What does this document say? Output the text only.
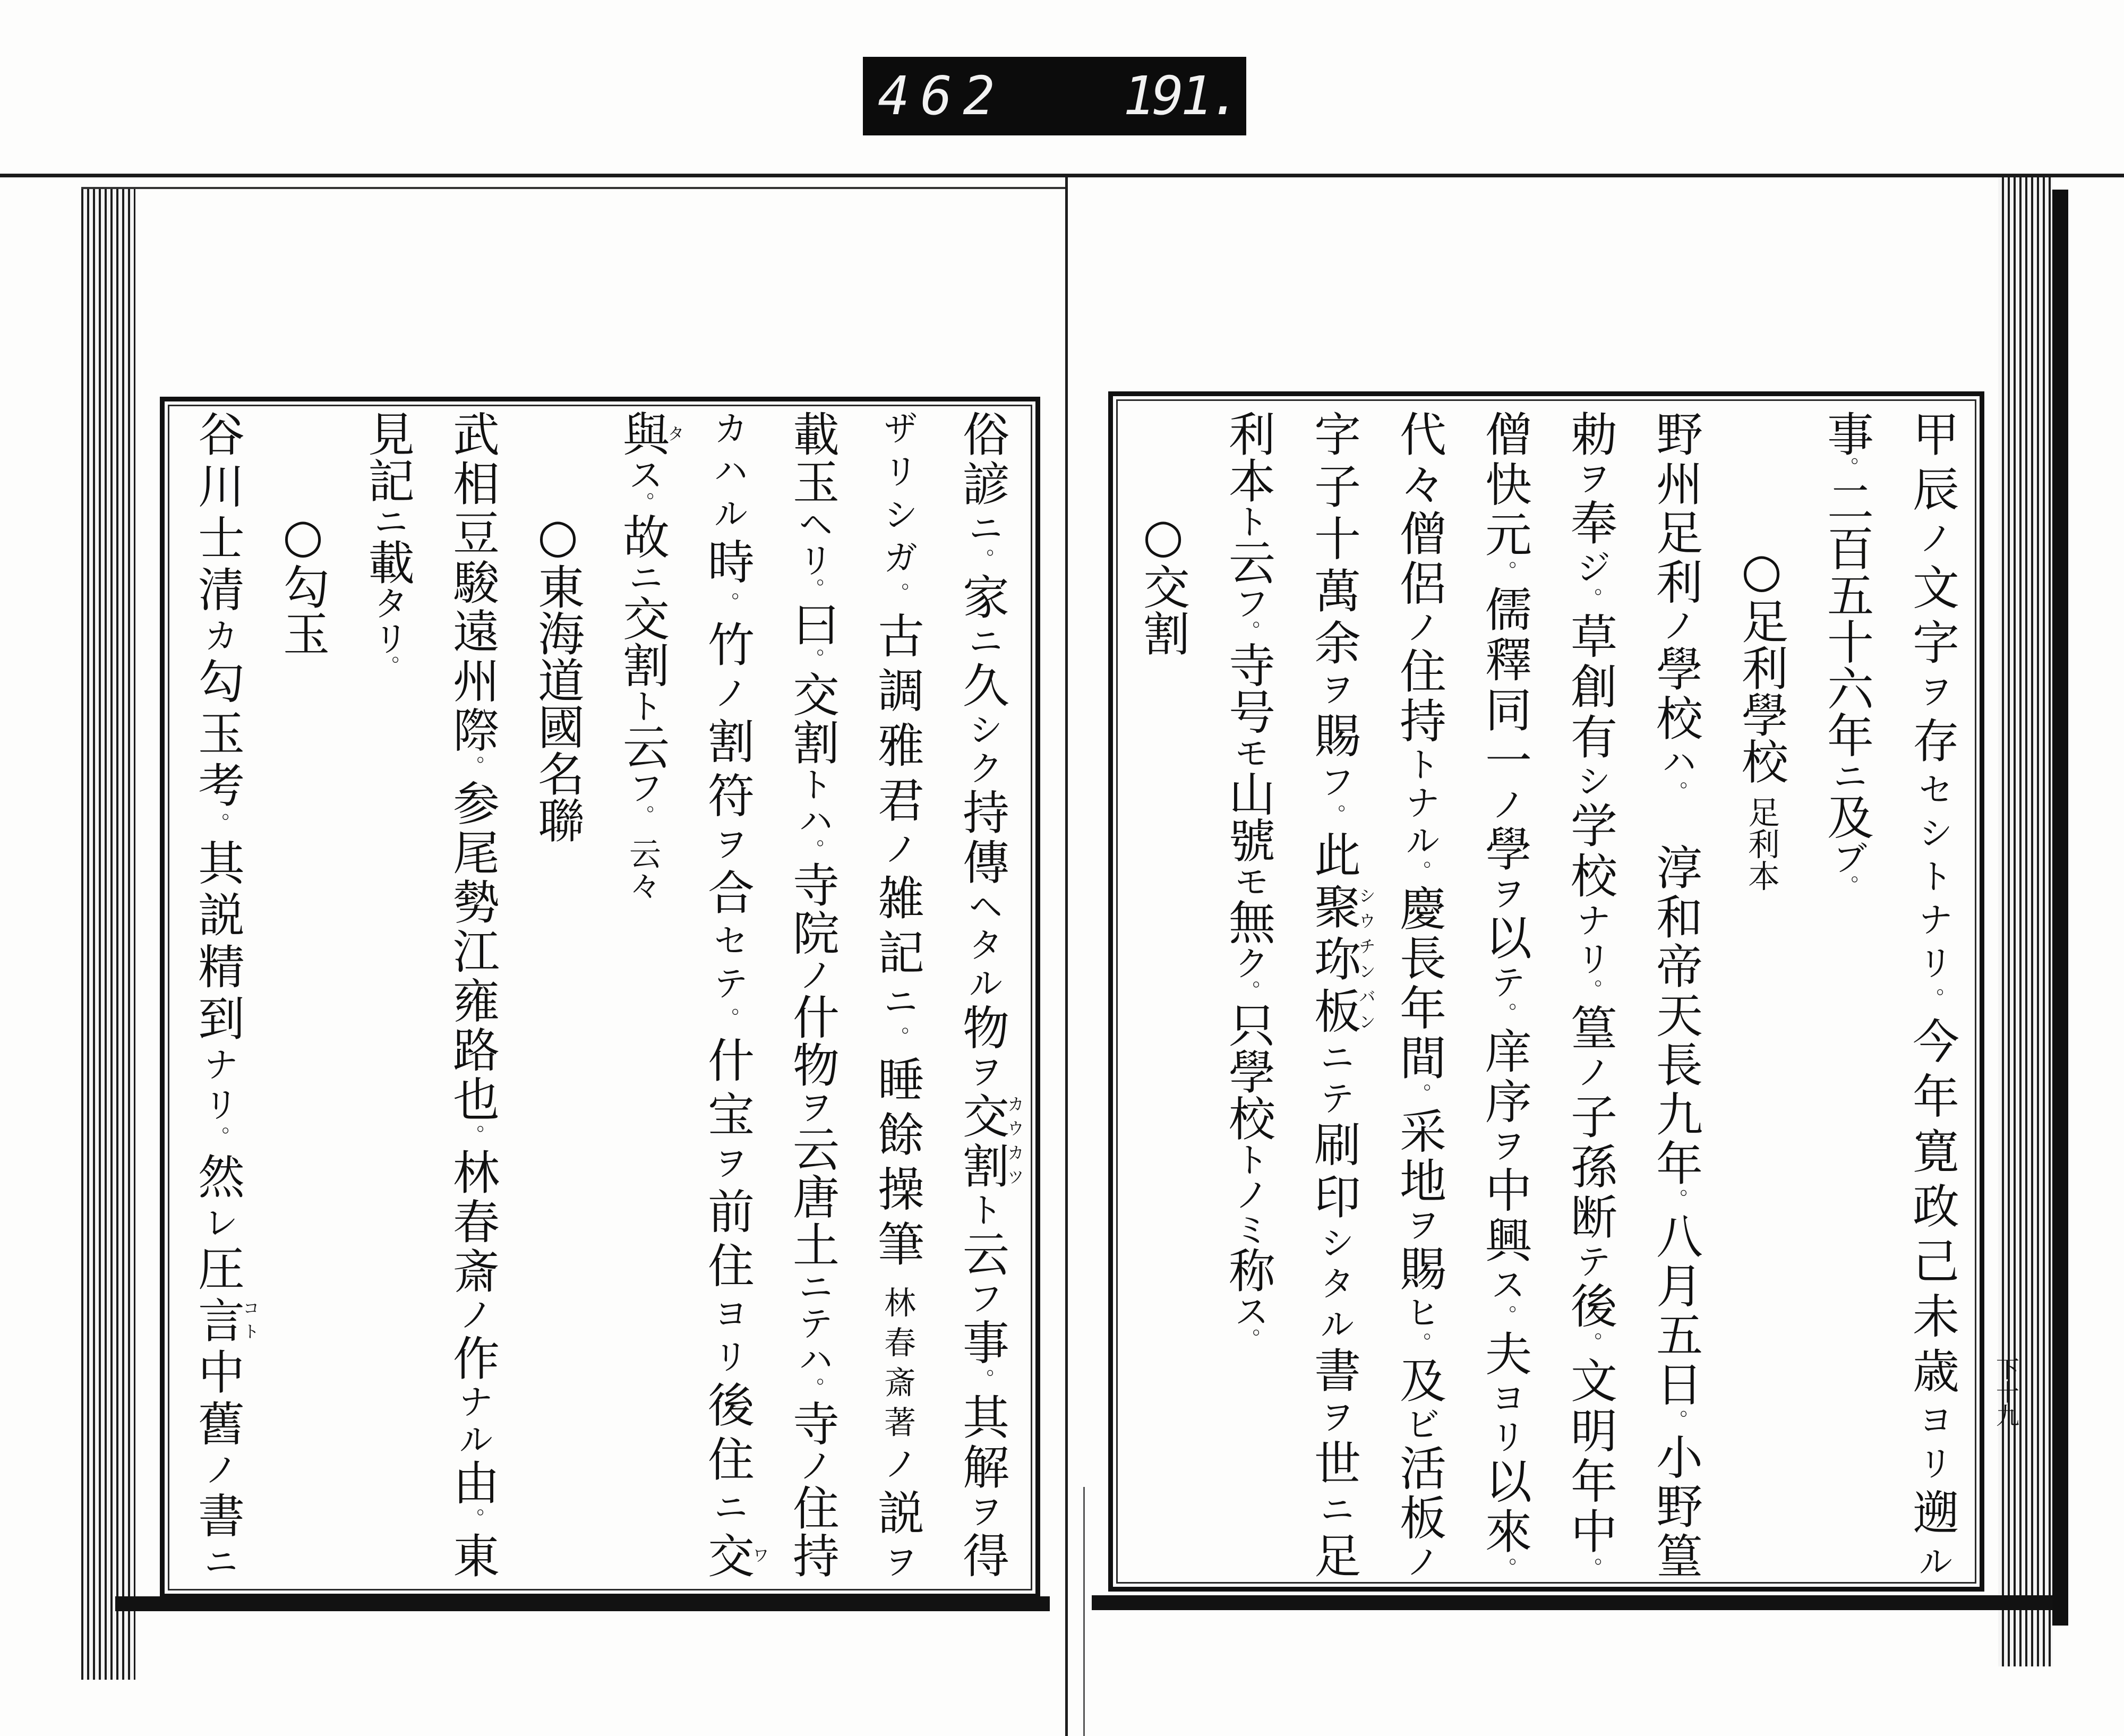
462 191.
甲辰ノ文字ヲ存セシトナリ。今年寛政己未歳ヨリ遡ル
事。二百五十六年ニ及ブ。
○足利學校足利本
野州足利ノ學校ハ。　淳和帝天長九年。八月五日。小野篁
勅ヲ奉ジ。草創有シ学校ナリ。篁ノ子孫断テ後。文明年中。
僧快元。儒釋同一ノ學ヲ以テ。庠序ヲ中興ス。夫ヨリ以來。
代々僧侶ノ住持トナル。慶長年間。采地ヲ賜ヒ。及ビ活板ノ
字子十萬余ヲ賜フ。此聚珎板シウチンバンニテ刷印シタル書ヲ世ニ足
利本ト云フ。寺号モ山號モ無ク。只學校トノミ称ス。
○交割
下十九
俗諺ニ。家ニ久シク持傳ヘタル物ヲ交割カウカツト云フ事。其解ヲ得
ザリシガ。古調雅君ノ雑記ニ。睡餘操筆林春斎著ノ説ヲ
載玉ヘリ。曰。交割トハ。寺院ノ什物ヲ云唐土ニテハ。寺ノ住持
カハル時。竹ノ割符ヲ合セテ。什宝ヲ前住ヨリ後住ニ交ワ
與タス。故ニ交割ト云フ。云々
○東海道國名聯
武相豆駿遠州際。参尾勢江雍路也。林春斎ノ作ナル由。東
見記ニ載タリ。
○勾玉
谷川士清カ勾玉考。其説精到ナリ。然レ圧言コト中舊ノ書ニ
